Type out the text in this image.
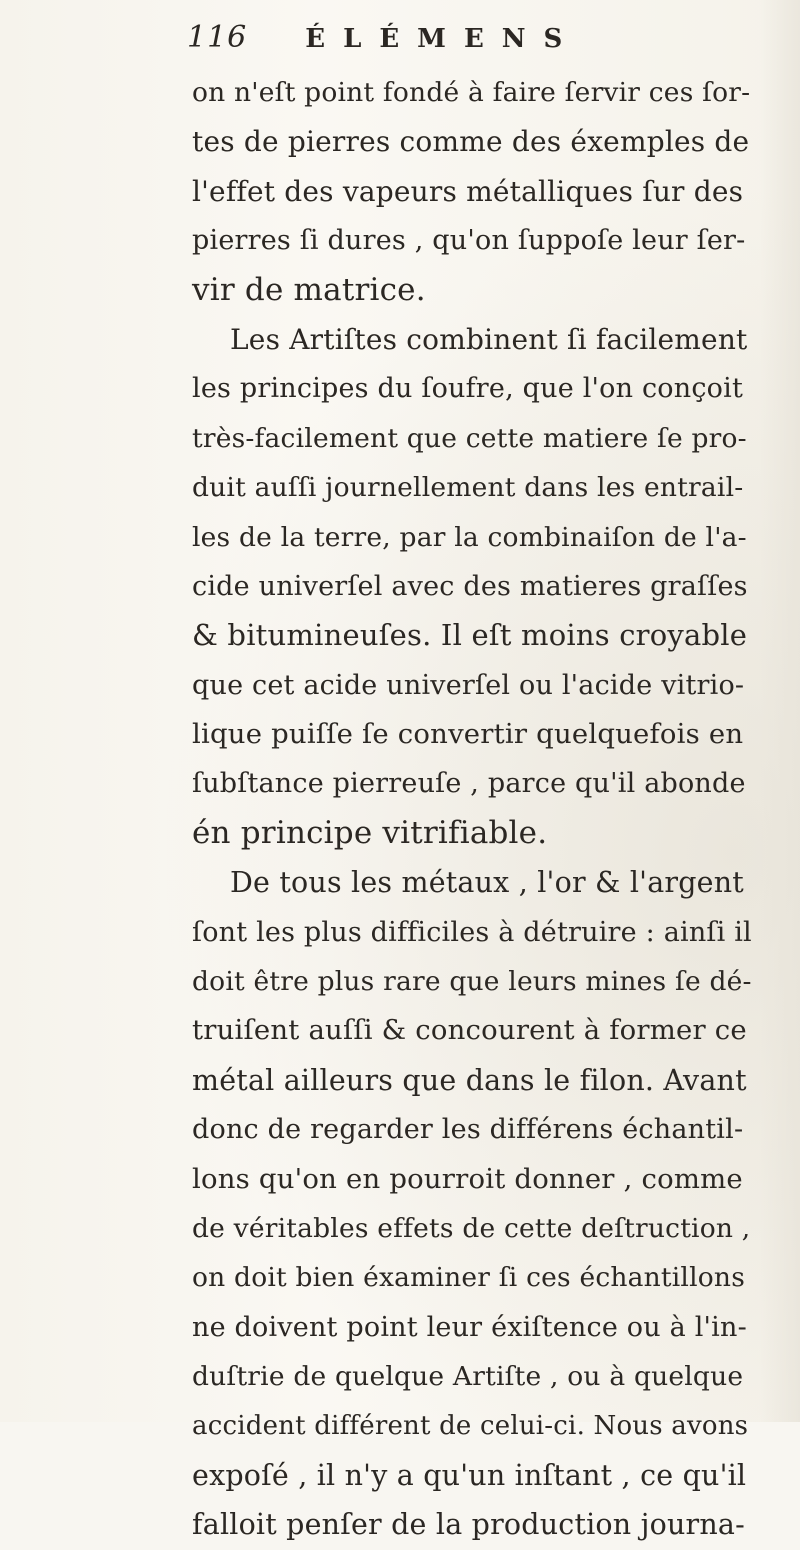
116 ÉLÉMENS
on n'eſt point fondé à faire ſervir ces ſor-
tes de pierres comme des éxemples de
l'effet des vapeurs métalliques ſur des
pierres ſi dures , qu'on ſuppoſe leur ſer-
vir de matrice.
Les Artiſtes combinent ſi facilement
les principes du ſoufre, que l'on conçoit
très-facilement que cette matiere ſe pro-
duit auſſi journellement dans les entrail-
les de la terre, par la combinaiſon de l'a-
cide univerſel avec des matieres graſſes
& bitumineuſes. Il eſt moins croyable
que cet acide univerſel ou l'acide vitrio-
lique puiſſe ſe convertir quelquefois en
ſubſtance pierreuſe , parce qu'il abonde
én principe vitrifiable.
De tous les métaux , l'or & l'argent
ſont les plus difficiles à détruire : ainſi il
doit être plus rare que leurs mines ſe dé-
truiſent auſſi & concourent à former ce
métal ailleurs que dans le filon. Avant
donc de regarder les différens échantil-
lons qu'on en pourroit donner , comme
de véritables effets de cette deſtruction ,
on doit bien éxaminer ſi ces échantillons
ne doivent point leur éxiſtence ou à l'in-
duſtrie de quelque Artiſte , ou à quelque
accident différent de celui-ci. Nous avons
expoſé , il n'y a qu'un inſtant , ce qu'il
falloit penſer de la production journa-
